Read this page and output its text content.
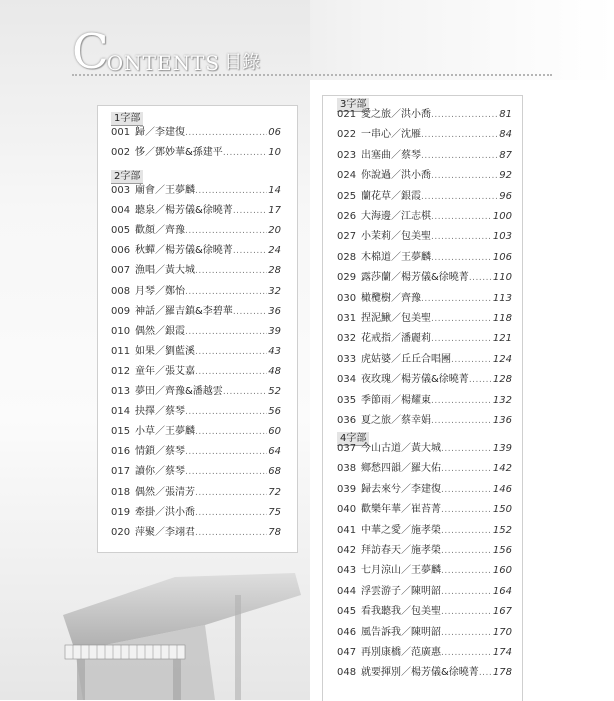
C
ONTENTS 目錄
1字部
001 歸／李建復 .....	06
002 恀／鄧妙華&孫建平 .....	10
2字部
003 廟會／王夢麟 .....	14
004 聽泉／楊芳儀&徐曉菁 .....	17
005 歡顏／齊豫 .....	20
006 秋蟬／楊芳儀&徐曉菁 .....	24
007 漁唱／黃大城 .....	28
008 月琴／鄭怡 .....	32
009 神話／羅吉鎮&李碧華 .....	36
010 偶然／銀霞 .....	39
011 如果／劉藍溪 .....	43
012 童年／張艾嘉 .....	48
013 夢田／齊豫&潘越雲 .....	52
014 抉擇／蔡琴 .....	56
015 小草／王夢麟 .....	60
016 情鎖／蔡琴 .....	64
017 讀你／蔡琴 .....	68
018 偶然／張清芳 .....	72
019 牽掛／洪小喬 .....	75
020 萍聚／李翊君 .....	78
3字部
021 愛之旅／洪小喬 .....	81
022 一串心／沈雁 .....	84
023 出塞曲／蔡琴 .....	87
024 你說過／洪小喬 .....	92
025 蘭花草／銀霞 .....	96
026 大海邊／江志棋 .....	100
027 小茉莉／包美聖 .....	103
028 木棉道／王夢麟 .....	106
029 露莎蘭／楊芳儀&徐曉菁 ..... 110
030 橄欖樹／齊豫 .....	113
031 捏泥鰍／包美聖 .....	118
032 花戒指／潘麗莉 .....	121
033 虎姑婆／丘丘合唱團 .....	124
034 夜玫瑰／楊芳儀&徐曉菁 ..... 128
035 季節雨／楊耀東 .....	132
036 夏之旅／蔡幸娟 .....	136
4字部
037 今山古道／黃大城 .....	139
038 鄉愁四韻／羅大佑 .....	142
039 歸去來兮／李建復 .....	146
040 歡樂年華／崔苔菁 .....	150
041 中華之愛／施孝榮 .....	152
042 拜訪春天／施孝榮 .....	156
043 七月涼山／王夢麟 .....	160
044 浮雲游子／陳明韶 .....	164
045 看我聽我／包美聖 .....	167
046 風告訴我／陳明韶 .....	170
047 再別康橋／范廣惠 .....	174
048 就要揮別／楊芳儀&徐曉菁 ..... 178
